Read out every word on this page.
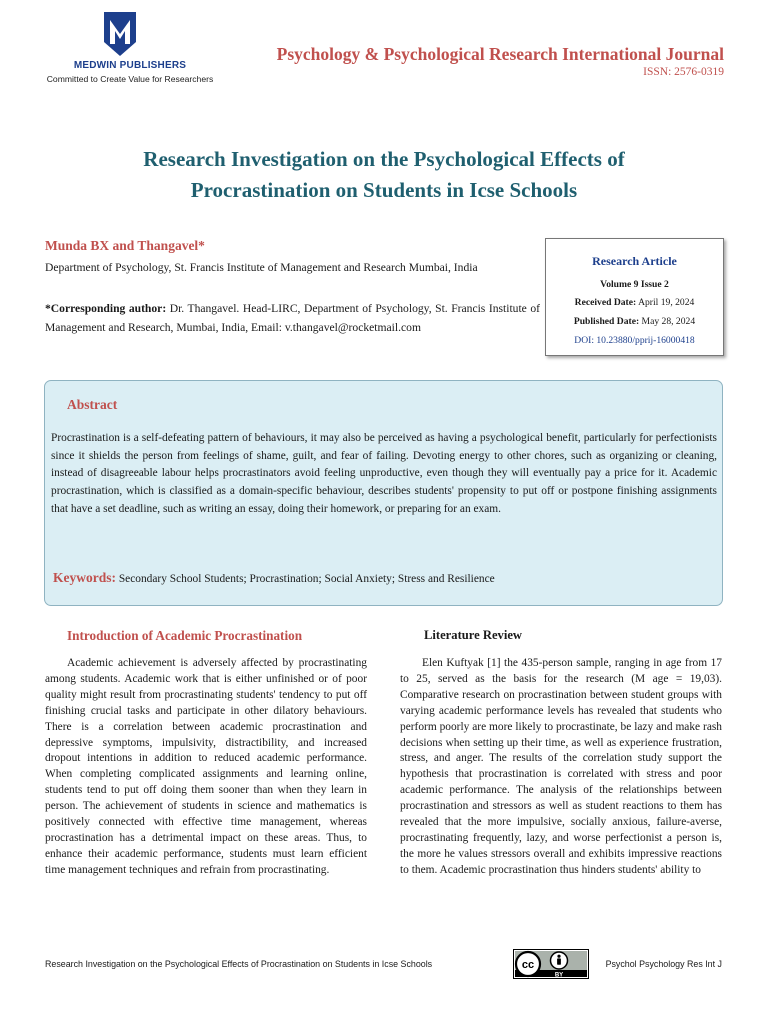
MEDWIN PUBLISHERS
Committed to Create Value for Researchers
Psychology & Psychological Research International Journal
ISSN: 2576-0319
Research Investigation on the Psychological Effects of
Procrastination on Students in Icse Schools
Munda BX and Thangavel*
Department of Psychology, St. Francis Institute of Management and Research Mumbai, India
*Corresponding author: Dr. Thangavel. Head-LIRC, Department of Psychology, St. Francis Institute of Management and Research, Mumbai, India, Email: v.thangavel@rocketmail.com
Research Article
Volume 9 Issue 2
Received Date: April 19, 2024
Published Date: May 28, 2024
DOI: 10.23880/pprij-16000418
Abstract
Procrastination is a self-defeating pattern of behaviours, it may also be perceived as having a psychological benefit, particularly for perfectionists since it shields the person from feelings of shame, guilt, and fear of failing. Devoting energy to other chores, such as organizing or cleaning, instead of disagreeable labour helps procrastinators avoid feeling unproductive, even though they will eventually pay a price for it. Academic procrastination, which is classified as a domain-specific behaviour, describes students' propensity to put off or postpone finishing assignments that have a set deadline, such as writing an essay, doing their homework, or preparing for an exam.
Keywords: Secondary School Students; Procrastination; Social Anxiety; Stress and Resilience
Introduction of Academic Procrastination	Literature Review
Academic achievement is adversely affected by procrastinating among students. Academic work that is either unfinished or of poor quality might result from procrastinating students' tendency to put off finishing crucial tasks and participate in other dilatory behaviours. There is a correlation between academic procrastination and depressive symptoms, impulsivity, distractibility, and increased dropout intentions in addition to reduced academic performance. When completing complicated assignments and learning online, students tend to put off doing them sooner than when they learn in person. The achievement of students in science and mathematics is positively connected with effective time management, whereas procrastination has a detrimental impact on these areas. Thus, to enhance their academic performance, students must learn efficient time management techniques and refrain from procrastinating.
Elen Kuftyak [1] the 435-person sample, ranging in age from 17 to 25, served as the basis for the research (M age = 19,03). Comparative research on procrastination between student groups with varying academic performance levels has revealed that students who perform poorly are more likely to procrastinate, be lazy and make rash decisions when setting up their time, as well as experience frustration, stress, and anger. The results of the correlation study support the hypothesis that procrastination is correlated with stress and poor academic performance. The analysis of the relationships between procrastination and stressors as well as student reactions to them has revealed that the more impulsive, socially anxious, failure-averse, procrastinating frequently, lazy, and worse perfectionist a person is, the more he values stressors overall and exhibits impressive reactions to them. Academic procrastination thus hinders students' ability to
Research Investigation on the Psychological Effects of Procrastination on Students in Icse Schools	cc
BY
Psychol Psychology Res Int J
